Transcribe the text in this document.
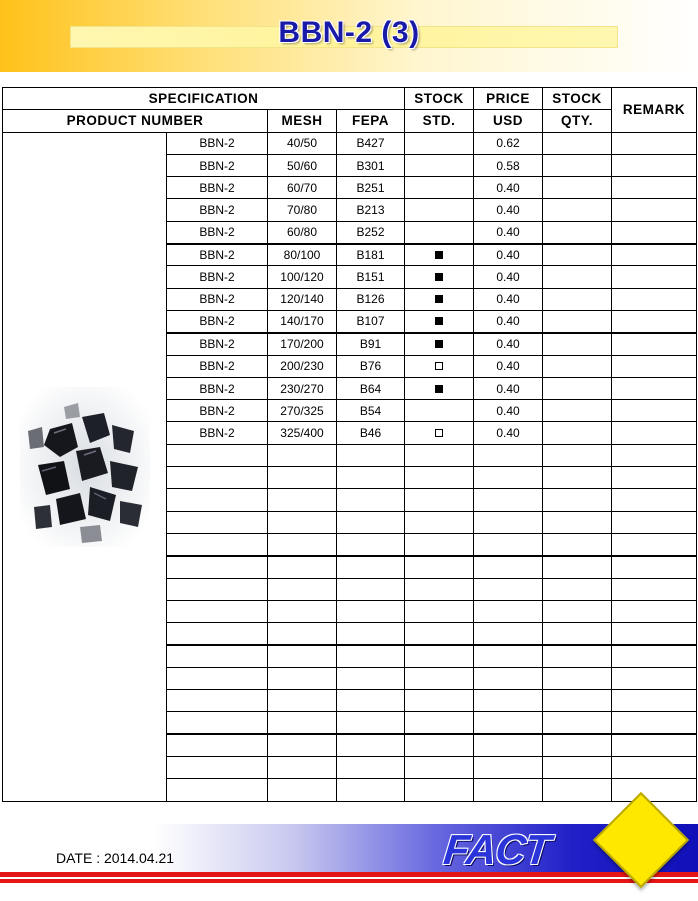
BBN-2 (3)
SPECIFICATION				STOCK	PRICE	STOCK	REMARK
PRODUCT NUMBER		MESH	FEPA	STD.	USD	QTY.	

	BBN-2	40/50	B427		0.62		
	BBN-2	50/60	B301		0.58		
	BBN-2	60/70	B251		0.40		
	BBN-2	70/80	B213		0.40		
	BBN-2	60/80	B252		0.40		
	BBN-2	80/100	B181		0.40		
	BBN-2	100/120	B151		0.40		
	BBN-2	120/140	B126		0.40		
	BBN-2	140/170	B107		0.40		
	BBN-2	170/200	B91		0.40		
	BBN-2	200/230	B76		0.40		
	BBN-2	230/270	B64		0.40		
	BBN-2	270/325	B54		0.40		
	BBN-2	325/400	B46		0.40		

DATE : 2014.04.21	FACT
